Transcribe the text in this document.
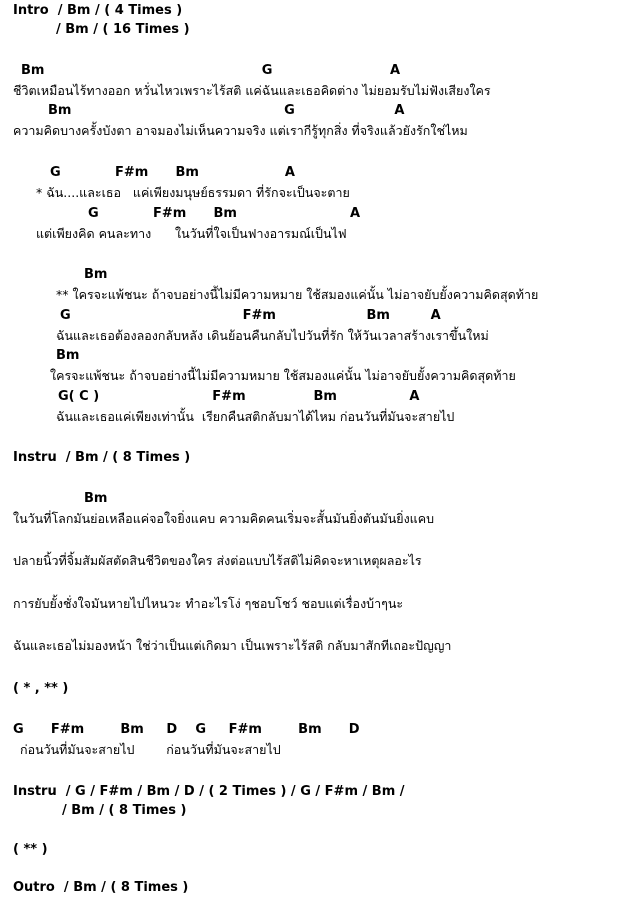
Intro  / Bm / ( 4 Times )
/ Bm / ( 16 Times )
Bm                                                G                          A
ชีวิตเหมือนไร้ทางออก หวั่นไหวเพราะไร้สติ แค่ฉันและเธอคิดต่าง ไม่ยอมรับไม่ฟังเสียงใคร
Bm                                               G                      A
ความคิดบางครั้งบังตา อาจมองไม่เห็นความจริง แต่เรากีรู้ทุกสิ่ง ที่จริงแล้วยังรักใช่ไหม
G            F#m      Bm                   A
* ฉัน....และเธอ   แค่เพียงมนุษย์ธรรมดา ที่รักจะเป็นจะตาย
G            F#m      Bm                         A
แต่เพียงคิด คนละทาง      ในวันที่ใจเป็นฟางอารมณ์เป็นไฟ
Bm
** ใครจะแพ้ชนะ ถ้าจบอย่างนี้ไม่มีความหมาย ใช้สมองแค่นั้น ไม่อาจยับยั้งความคิดสุดท้าย
G                                      F#m                    Bm         A
ฉันและเธอต้องลองกลับหลัง เดินย้อนคืนกลับไปวันที่รัก ให้วันเวลาสร้างเราขึ้นใหม่
Bm
ใครจะแพ้ชนะ ถ้าจบอย่างนี้ไม่มีความหมาย ใช้สมองแค่นั้น ไม่อาจยับยั้งความคิดสุดท้าย
G( C )                         F#m               Bm                A
ฉันและเธอแค่เพียงเท่านั้น  เรียกคืนสติกลับมาได้ไหม ก่อนวันที่มันจะสายไป
Instru  / Bm / ( 8 Times )
Bm
ในวันที่โลกมันย่อเหลือแค่จอใจยิ่งแคบ ความคิดคนเริ่มจะสั้นมันยิ่งตันมันยิ่งแคบ
ปลายนิ้วที่จิ้มสัมผัสตัดสินชีวิตของใคร ส่งต่อแบบไร้สติไม่คิดจะหาเหตุผลอะไร
การยับยั้งชั่งใจมันหายไปไหนวะ ทำอะไรโง่ ๆชอบโชว์ ชอบแต่เรื่องบ้าๆนะ
ฉันและเธอไม่มองหน้า ใช่ว่าเป็นแต่เกิดมา เป็นเพราะไร้สติ กลับมาสักทีเถอะปัญญา
( * , ** )
G      F#m        Bm     D    G     F#m        Bm      D
ก่อนวันที่มันจะสายไป        ก่อนวันที่มันจะสายไป
Instru  / G / F#m / Bm / D / ( 2 Times ) / G / F#m / Bm /
/ Bm / ( 8 Times )
( ** )
Outro  / Bm / ( 8 Times )
